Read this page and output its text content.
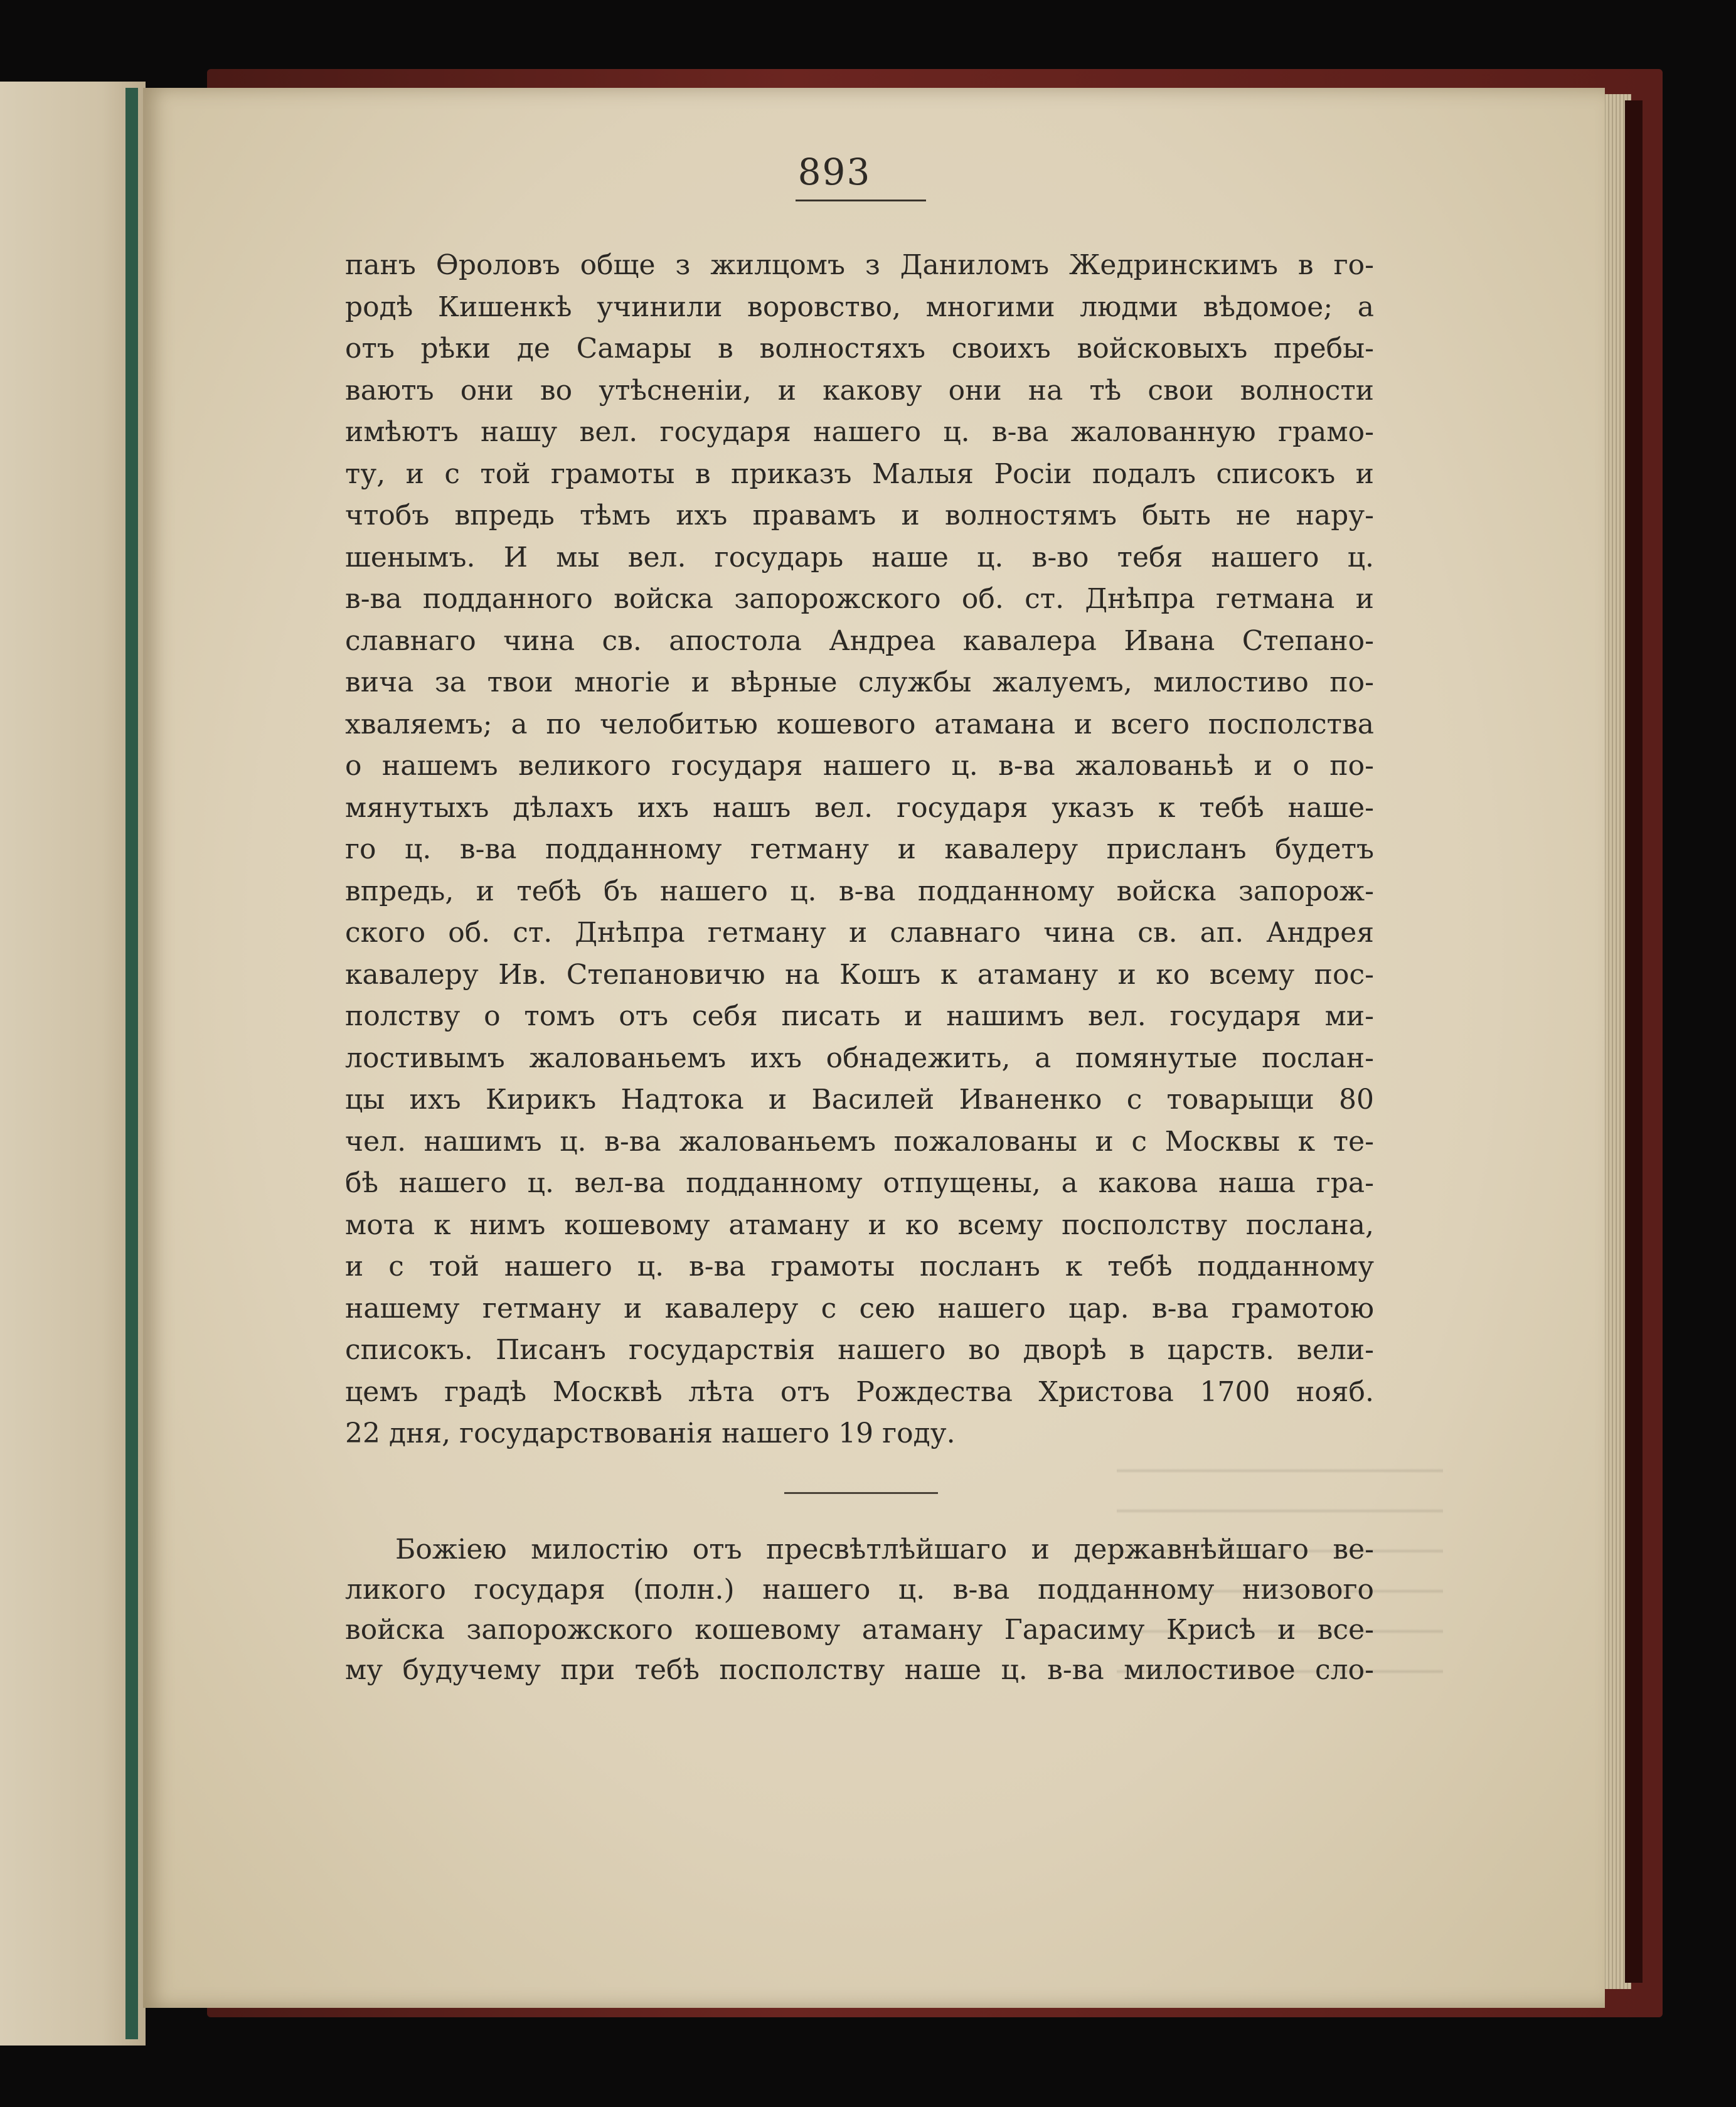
893
панъ Ѳроловъ обще з жилцомъ з Даниломъ Жедринскимъ в го-
родѣ Кишенкѣ учинили воровство, многими людми вѣдомое; а
отъ рѣки де Самары в волностяхъ своихъ войсковыхъ пребы-
ваютъ они во утѣсненіи, и какову они на тѣ свои волности
имѣютъ нашу вел. государя нашего ц. в-ва жалованную грамо-
ту, и с той грамоты в приказъ Малыя Росіи подалъ списокъ и
чтобъ впредь тѣмъ ихъ правамъ и волностямъ быть не нару-
шенымъ. И мы вел. государь наше ц. в-во тебя нашего ц.
в-ва подданного войска запорожского об. ст. Днѣпра гетмана и
славнаго чина св. апостола Андреа кавалера Ивана Степано-
вича за твои многіе и вѣрные службы жалуемъ, милостиво по-
хваляемъ; а по челобитью кошевого атамана и всего посполства
о нашемъ великого государя нашего ц. в-ва жалованьѣ и о по-
мянутыхъ дѣлахъ ихъ нашъ вел. государя указъ к тебѣ наше-
го ц. в-ва подданному гетману и кавалеру присланъ будетъ
впредь, и тебѣ бъ нашего ц. в-ва подданному войска запорож-
ского об. ст. Днѣпра гетману и славнаго чина св. ап. Андрея
кавалеру Ив. Степановичю на Кошъ к атаману и ко всему пос-
полству о томъ отъ себя писать и нашимъ вел. государя ми-
лостивымъ жалованьемъ ихъ обнадежить, а помянутые послан-
цы ихъ Кирикъ Надтока и Василей Иваненко с товарыщи 80
чел. нашимъ ц. в-ва жалованьемъ пожалованы и с Москвы к те-
бѣ нашего ц. вел-ва подданному отпущены, а какова наша гра-
мота к нимъ кошевому атаману и ко всему посполству послана,
и с той нашего ц. в-ва грамоты посланъ к тебѣ подданному
нашему гетману и кавалеру с сею нашего цар. в-ва грамотою
списокъ. Писанъ государствія нашего во дворѣ в царств. вели-
цемъ градѣ Москвѣ лѣта отъ Рождества Христова 1700 нояб.
22 дня, государствованія нашего 19 году.
Божіею милостію отъ пресвѣтлѣйшаго и державнѣйшаго ве-
ликого государя (полн.) нашего ц. в-ва подданному низового
войска запорожского кошевому атаману Гарасиму Крисѣ и все-
му будучему при тебѣ посполству наше ц. в-ва милостивое сло-
